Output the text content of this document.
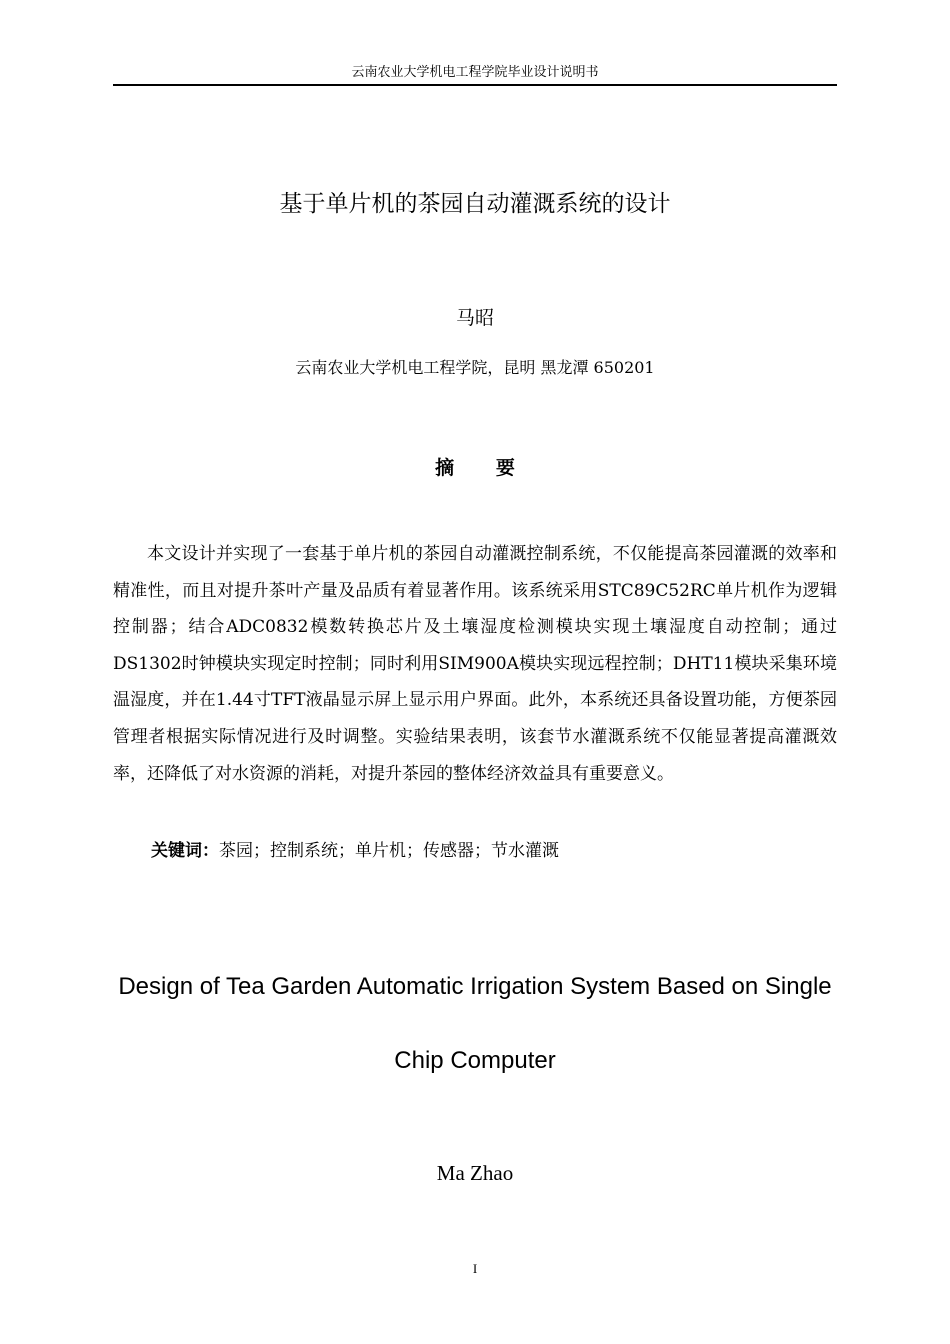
云南农业大学机电工程学院毕业设计说明书
基于单片机的茶园自动灌溉系统的设计
马昭
云南农业大学机电工程学院，昆明 黑龙潭 650201
摘要

本文设计并实现了一套基于单片机的茶园自动灌溉控制系统，不仅能提高茶园灌溉的效率和精准性，而且对提升茶叶产量及品质有着显著作用。该系统采用STC89C52RC单片机作为逻辑控制器；结合ADC0832模数转换芯片及土壤湿度检测模块实现土壤湿度自动控制；通过DS1302时钟模块实现定时控制；同时利用SIM900A模块实现远程控制；DHT11模块采集环境温湿度，并在1.44寸TFT液晶显示屏上显示用户界面。此外，本系统还具备设置功能，方便茶园管理者根据实际情况进行及时调整。实验结果表明，该套节水灌溉系统不仅能显著提高灌溉效率，还降低了对水资源的消耗，对提升茶园的整体经济效益具有重要意义。

关键词：茶园；控制系统；单片机；传感器；节水灌溉
Design of Tea Garden Automatic Irrigation System Based on Single Chip Computer
Ma Zhao
I
